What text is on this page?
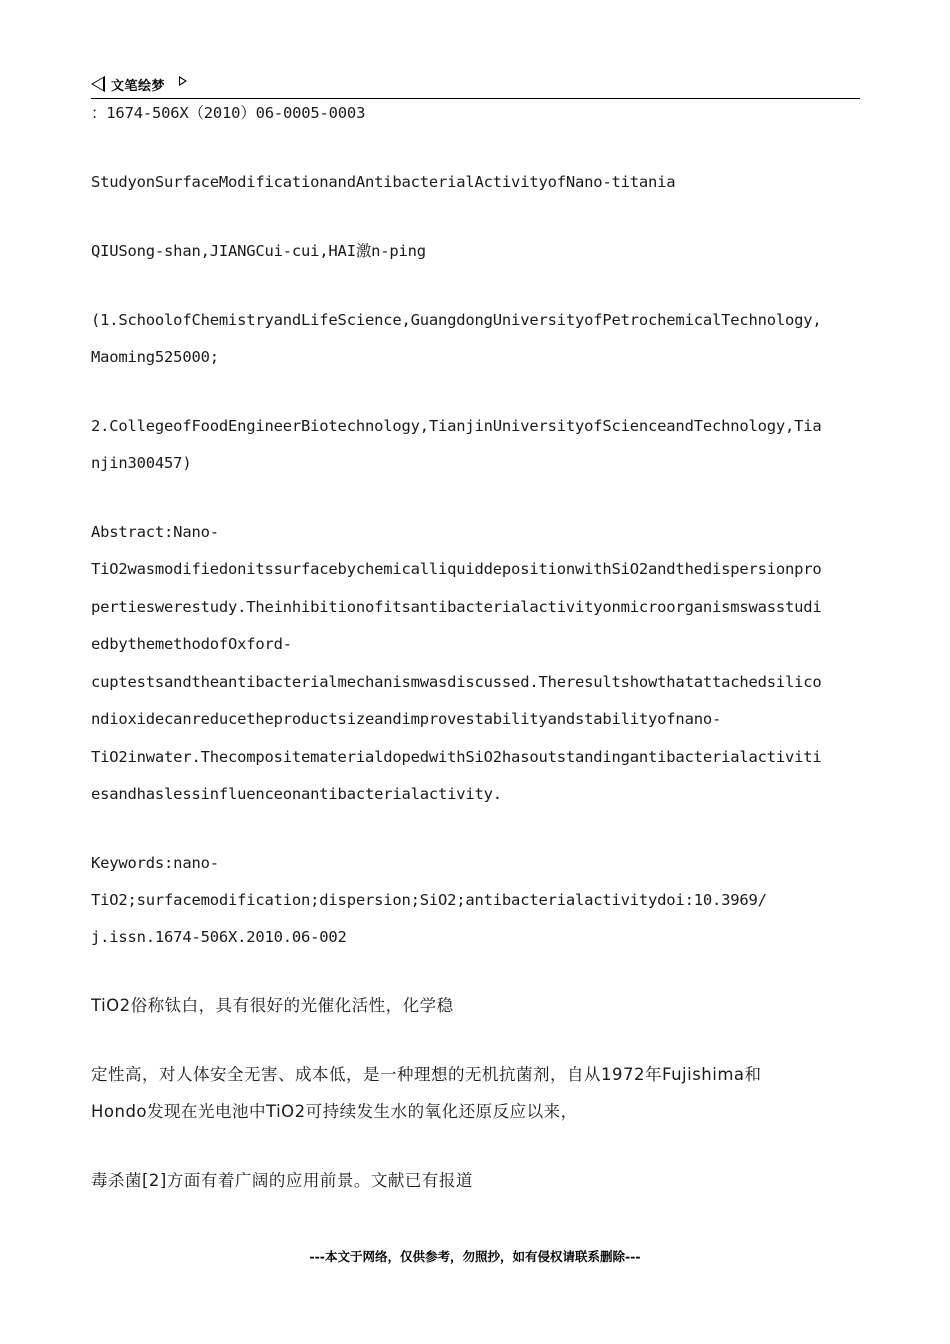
文笔绘梦
：1674-506X（2010）06-0005-0003
StudyonSurfaceModificationandAntibacterialActivityofNano-titania
QIUSong-shan,JIANGCui-cui,HAI激n-ping
(1.SchoolofChemistryandLifeScience,GuangdongUniversityofPetrochemicalTechnology,
Maoming525000;
2.CollegeofFoodEngineerBiotechnology,TianjinUniversityofScienceandTechnology,Tia
njin300457)
Abstract:Nano-
TiO2wasmodifiedonitssurfacebychemicalliquiddepositionwithSiO2andthedispersionpro
pertieswerestudy.Theinhibitionofitsantibacterialactivityonmicroorganismswasstudi
edbythemethodofOxford-
cuptestsandtheantibacterialmechanismwasdiscussed.Theresultshowthatattachedsilico
ndioxidecanreducetheproductsizeandimprovestabilityandstabilityofnano-
TiO2inwater.ThecompositematerialdopedwithSiO2hasoutstandingantibacterialactiviti
esandhaslessinfluenceonantibacterialactivity.
Keywords:nano-
TiO2;surfacemodification;dispersion;SiO2;antibacterialactivitydoi:10.3969/
j.issn.1674-506X.2010.06-002
TiO2俗称钛白，具有很好的光催化活性，化学稳
定性高，对人体安全无害、成本低，是一种理想的无机抗菌剂，自从1972年Fujishima和
Hondo发现在光电池中TiO2可持续发生水的氧化还原反应以来，
毒杀菌[2]方面有着广阔的应用前景。文献已有报道
---本文于网络，仅供参考，勿照抄，如有侵权请联系删除---
